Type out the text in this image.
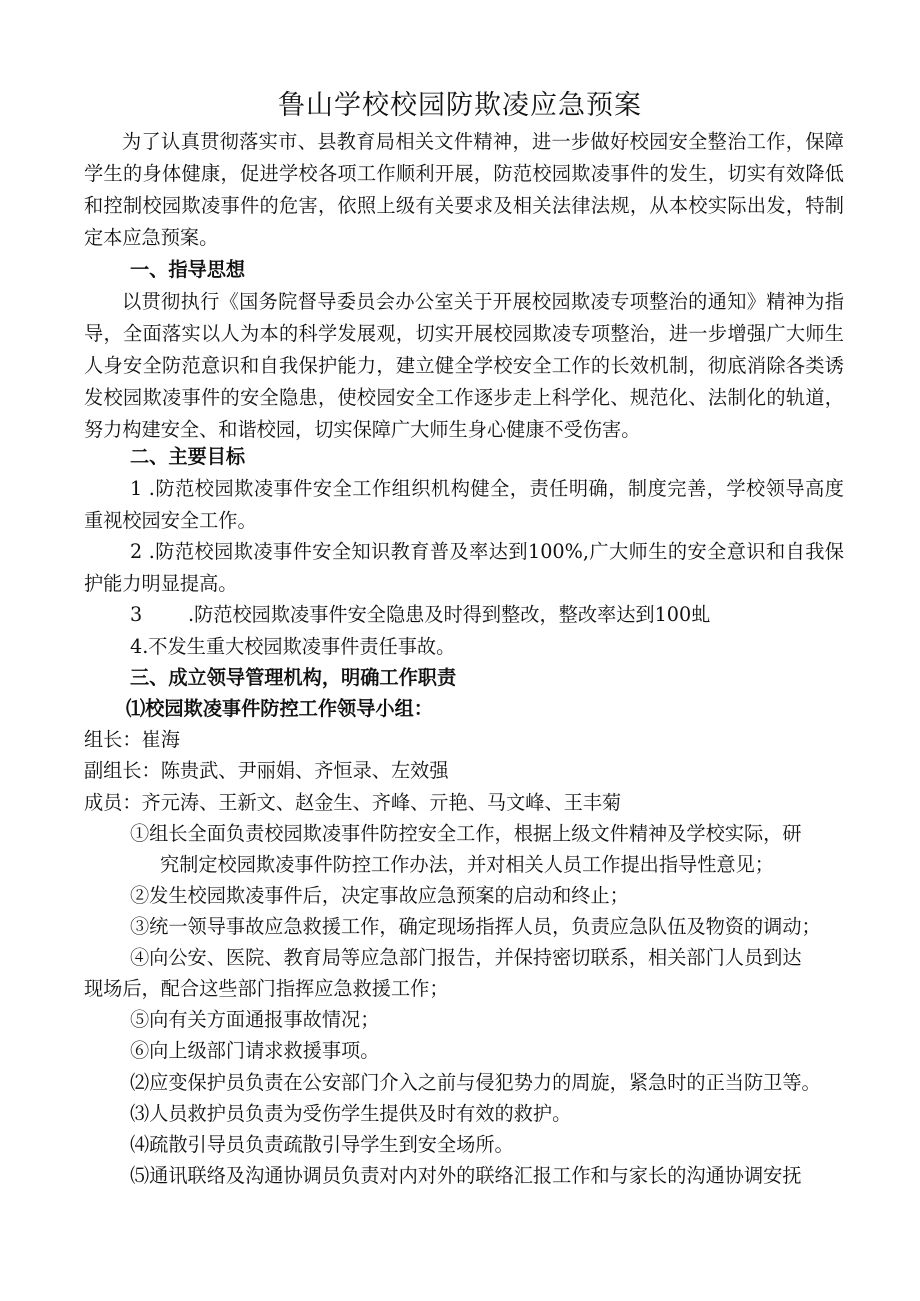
鲁山学校校园防欺凌应急预案

为了认真贯彻落实市、县教育局相关文件精神，进一步做好校园安全整治工作，保障学生的身体健康，促进学校各项工作顺利开展，防范校园欺凌事件的发生，切实有效降低和控制校园欺凌事件的危害，依照上级有关要求及相关法律法规，从本校实际出发，特制定本应急预案。

一、指导思想

以贯彻执行《国务院督导委员会办公室关于开展校园欺凌专项整治的通知》精神为指导，全面落实以人为本的科学发展观，切实开展校园欺凌专项整治，进一步增强广大师生人身安全防范意识和自我保护能力，建立健全学校安全工作的长效机制，彻底消除各类诱发校园欺凌事件的安全隐患，使校园安全工作逐步走上科学化、规范化、法制化的轨道，努力构建安全、和谐校园，切实保障广大师生身心健康不受伤害。

二、主要目标

1 .防范校园欺凌事件安全工作组织机构健全，责任明确，制度完善，学校领导高度重视校园安全工作。

2 .防范校园欺凌事件安全知识教育普及率达到100%,广大师生的安全意识和自我保护能力明显提高。

3 .防范校园欺凌事件安全隐患及时得到整改，整改率达到100虬
4.不发生重大校园欺凌事件责任事故。
三、成立领导管理机构，明确工作职责
⑴校园欺凌事件防控工作领导小组：
组长：崔海
副组长：陈贵武、尹丽娟、齐恒录、左效强
成员：齐元涛、王新文、赵金生、齐峰、亓艳、马文峰、王丰菊
①组长全面负责校园欺凌事件防控安全工作，根据上级文件精神及学校实际，研
究制定校园欺凌事件防控工作办法，并对相关人员工作提出指导性意见；
②发生校园欺凌事件后，决定事故应急预案的启动和终止；
③统一领导事故应急救援工作，确定现场指挥人员，负责应急队伍及物资的调动；
④向公安、医院、教育局等应急部门报告，并保持密切联系，相关部门人员到达
现场后，配合这些部门指挥应急救援工作；
⑤向有关方面通报事故情况；
⑥向上级部门请求救援事项。
⑵应变保护员负责在公安部门介入之前与侵犯势力的周旋，紧急时的正当防卫等。
⑶人员救护员负责为受伤学生提供及时有效的救护。
⑷疏散引导员负责疏散引导学生到安全场所。
⑸通讯联络及沟通协调员负责对内对外的联络汇报工作和与家长的沟通协调安抚
